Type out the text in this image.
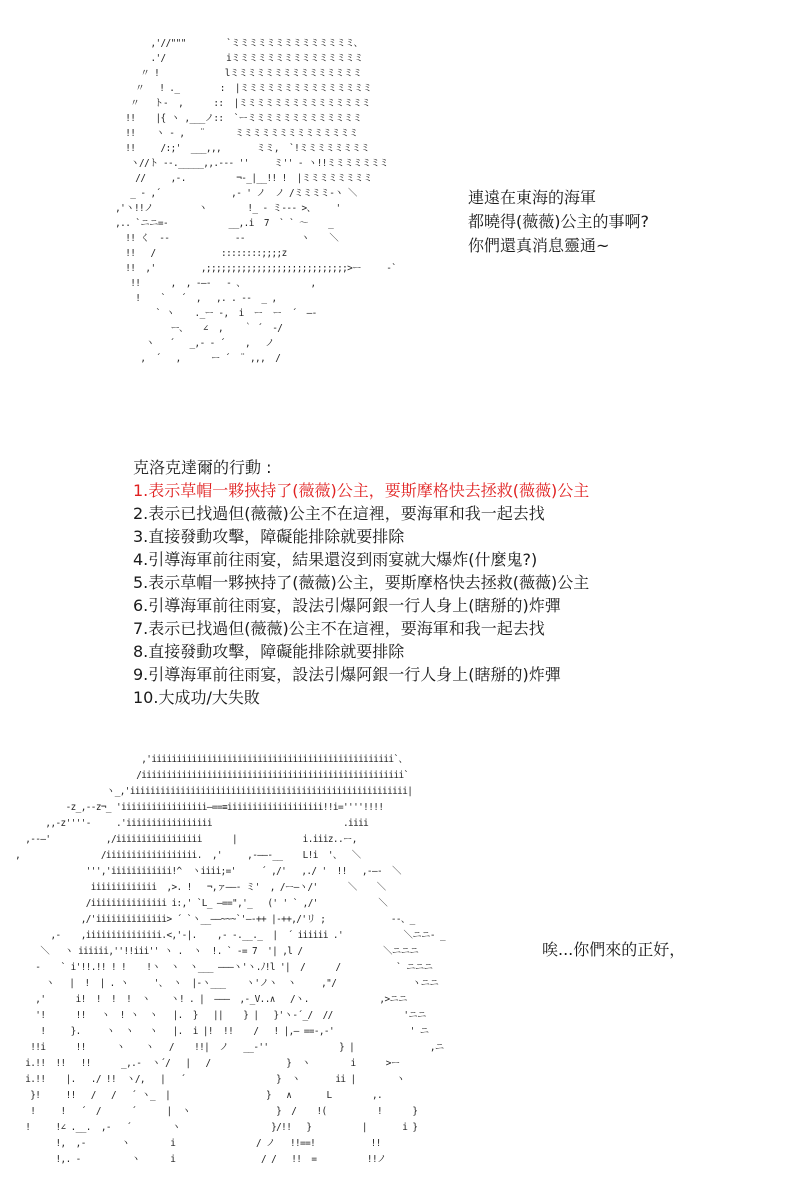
,'//"""        `ミミミミミミミミミミミミミミ、
.'/            iミミミミミミミミミミミミミミミ
〃 !             lミミミミミミミミミミミミミミミ
〃   ! ._        :  |ミミミミミミミミミミミミミミミ
〃   ト‐  ,      ::  |ミミミミミミミミミミミミミミミ
!!    |{ ヽ ,___ノ::  `ーミミミミミミミミミミミミミ
!!    ヽ ‐ ,   ¨      ミミミミミミミミミミミミミミ
!!     /:;'  ___,,,       ミミ,  `!ミミミミミミミミ
ヽ//ト ‐-._____,,.--- ''     ミ'' ‐ ヽ!!ミミミミミミミ
//     ,-.          ¬-_|__!! !  |ミミミミミミミミ
_ ‐ ,´              ,- ' ノ  ノ /ミミミミ-ヽ ＼
,'ヽ!!ノ         ヽ        !_ ‐ ミ‐-- >、    '
,.. `ニニ=-            __,.i  7  ` ` ～    _
!! く  ‐‐             ‐‐           ヽ    ＼
!!   /             ::::::::;;;;z
!!  ,'         ,;;;;;;;;;;;;;;;;;;;;;;;;;;;;>ー     ‐`
!!      ,  , -―‐   ‐ 、             ,
!    `   ´  ,   ,. . ‐‐  _ ,
` ヽ    ._ー ‐,  i  ー  ー  ´  ―‐
ー、   ∠  ,    ｀ ´  ‐/
ヽ   ´   _,- ‐ ´    ,   ノ
,  ´   ,      ー ´  ¨ ,,,  /
連遠在東海的海軍
都曉得(薇薇)公主的事啊?
你們還真消息靈通~
克洛克達爾的行動 :
1.表示草帽一夥挾持了(薇薇)公主，要斯摩格快去拯救(薇薇)公主
2.表示已找過但(薇薇)公主不在這裡，要海軍和我一起去找
3.直接發動攻擊，障礙能排除就要排除
4.引導海軍前往雨宴，結果還沒到雨宴就大爆炸(什麼鬼?)
5.表示草帽一夥挾持了(薇薇)公主，要斯摩格快去拯救(薇薇)公主
6.引導海軍前往雨宴，設法引爆阿銀一行人身上(瞎掰的)炸彈
7.表示已找過但(薇薇)公主不在這裡，要海軍和我一起去找
8.直接發動攻擊，障礙能排除就要排除
9.引導海軍前往雨宴，設法引爆阿銀一行人身上(瞎掰的)炸彈
10.大成功/大失敗
,'iiiiiiiiiiiiiiiiiiiiiiiiiiiiiiiiiiiiiiiiiiiiiiii`、
/iiiiiiiiiiiiiiiiiiiiiiiiiiiiiiiiiiiiiiiiiiiiiiiiiiii`
ヽ_,'iiiiiiiiiiiiiiiiiiiiiiiiiiiiiiiiiiiiiiiiiiiiiiiiiiiiiii|
‐z_,‐-z¬_ 'iiiiiiiiiiiiiiiii―==≡iiiiiiiiiiiiiiiiiii!!i=''''!!!!
,,-z''''‐     .'iiiiiiiiiiiiiiiii                          .iiii
,--―'           ,/iiiiiiiiiiiiiiiii      |             i.iiiz..ー,
,                /iiiiiiiiiiiiiiiiii.  ,'     ,-――-__    L!i  '、  ＼
''','iiiiiiiiiiii!^  ヽiiii;='     ´ ,/'   ,./ '  !!   ,-―-  ＼
iiiiiiiiiiiii  ,>. !   ¬,ァ――- ミ'  , /ー―ヽ/'      ＼    ＼
/iiiiiiiiiiiiiii i:,' `L_ ―==",'_   (' ' ` ,/'            ＼
,/'iiiiiiiiiiiiii> ´ `ヽ__――~~~`'―-++ |‐++,/'リ ;             ‐-、_
,-    ,iiiiiiiiiiiiiii.<,'-|.    ,- -.__._  |  ´ iiiiii .'            ＼ニニ- _
＼   ヽ iiiiii,''!!iii'' ヽ .  ヽ  !. ` ‐= 7  '| ,l /                ＼ニニニ
-    ` i'!!.!! ! !    !ヽ  ヽ  ヽ___ ―――ヽ'ヽ.ﾉ!l '|  /      /           ` ニニニ
ヽ   |  !  | . ヽ     '、 ヽ  |‐ヽ___    ヽ'ノヽ  ヽ     ,"/               ヽニニ
,'      i!  !  !  !  ヽ    ヽ! . |  ―――  ,-_V..∧   /ヽ.              ,>ニニ
'!      !!   ヽ  ! ヽ  ヽ   |.  }   ||    } |   }'ヽ‐´_/  //              'ニニ
!     }.     ヽ  ヽ   ヽ   |.  i |!  !!    /   ! |,― ==-,-'               ' ニ
!!i      !!      ヽ    ヽ   /    !!|  ノ   __-''              } |               ,ニ
i.!!  !!   !!      _,.‐  ヽ´/   |   /               }  ヽ        i      >ー
i.!!    |.   ./ !!  ヽ/,   |   ´                  }  ヽ       ii |        ヽ
}!     !!   /   /   ´ ヽ_  |                   }   ∧       L        ,.
!     !   ´  /      ´      |  ヽ                 }  /    !(          !      }
!     !∠ .__.  ,-   ´        ヽ                  }/!!   }          |       i }
!,  ,-       ヽ        i                / ノ   !!==!           !!
!,. ‐          ヽ      i                 / /   !!  =          !!ノ
唉...你們來的正好，
